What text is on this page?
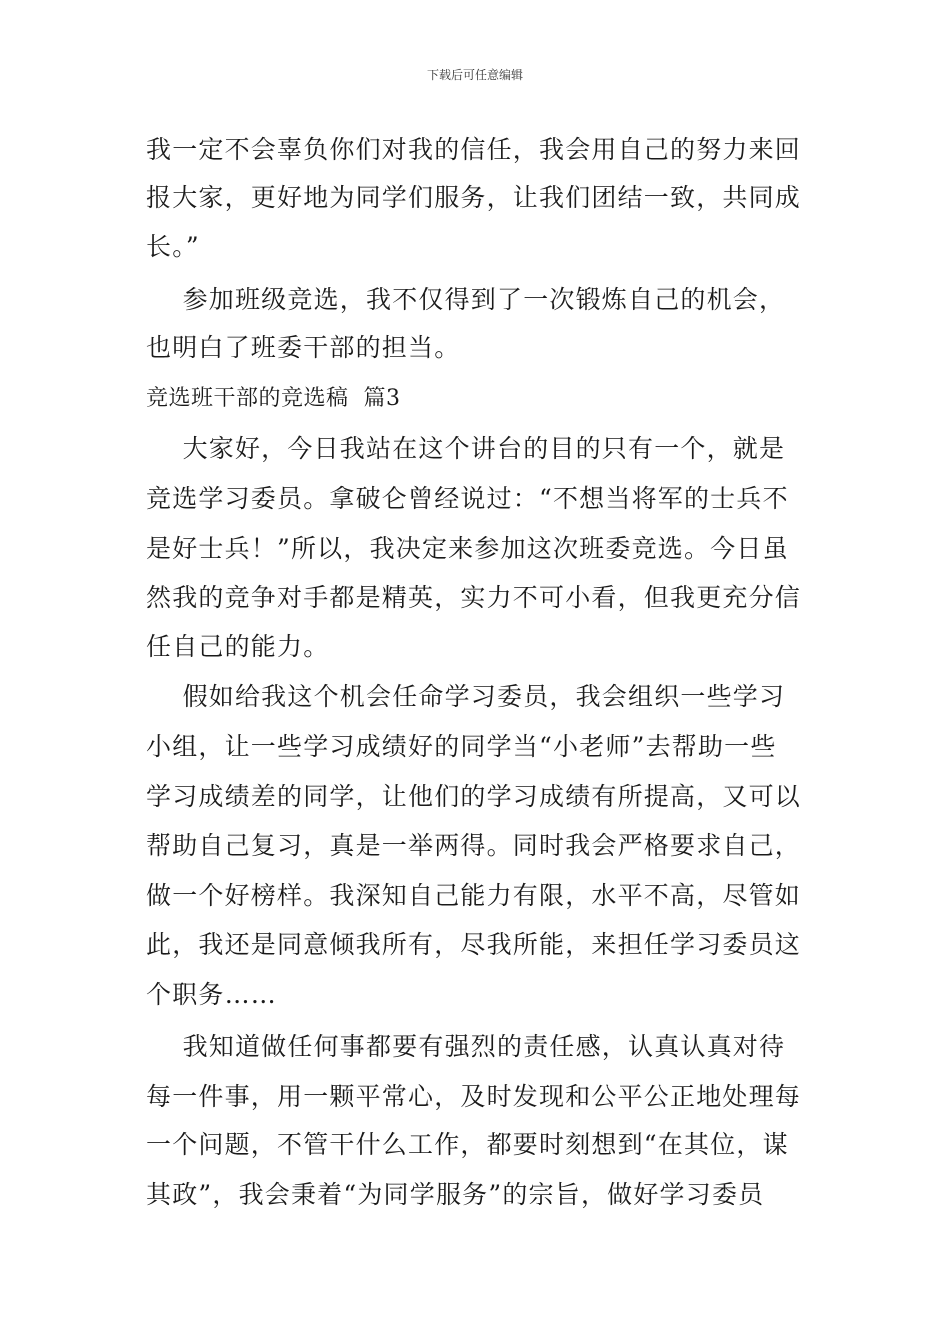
下载后可任意编辑
我一定不会辜负你们对我的信任，我会用自己的努力来回
报大家，更好地为同学们服务，让我们团结一致，共同成
长。”
参加班级竞选，我不仅得到了一次锻炼自己的机会，
也明白了班委干部的担当。
竞选班干部的竞选稿  篇3
大家好，今日我站在这个讲台的目的只有一个，就是
竞选学习委员。拿破仑曾经说过：“不想当将军的士兵不
是好士兵！”所以，我决定来参加这次班委竞选。今日虽
然我的竞争对手都是精英，实力不可小看，但我更充分信
任自己的能力。
假如给我这个机会任命学习委员，我会组织一些学习
小组，让一些学习成绩好的同学当“小老师”去帮助一些
学习成绩差的同学，让他们的学习成绩有所提高，又可以
帮助自己复习，真是一举两得。同时我会严格要求自己，
做一个好榜样。我深知自己能力有限，水平不高，尽管如
此，我还是同意倾我所有，尽我所能，来担任学习委员这
个职务……
我知道做任何事都要有强烈的责任感，认真认真对待
每一件事，用一颗平常心，及时发现和公平公正地处理每
一个问题，不管干什么工作，都要时刻想到“在其位，谋
其政”，我会秉着“为同学服务”的宗旨，做好学习委员
